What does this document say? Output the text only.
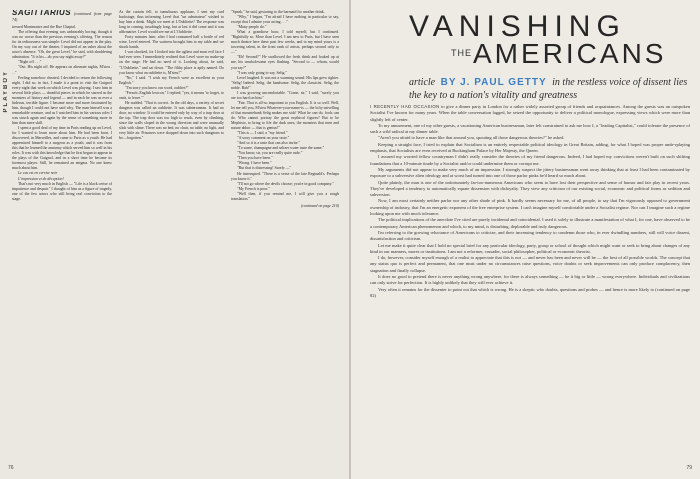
PLAYBOY
SAGITTARIUS (continued from page 74)

tressed Montmartre and the Rue Chaptal.

The offering that evening was unbearably boring, though it was no worse than the previous evening's offering. The reason for its tediousness was simple: Level did not appear in the play. On my way out of the theater, I inquired of an usher about the actor's absence. "Oh, the great Level," he said, with shuddering admiration. "It is his—do you say night away?"

"Night off . . ."

"Oui. His night off. He appears on alternate nights, M'sieu . . ."

Feeling somehow cheated, I decided to return the following night. I did so; in fact, I made it a point to visit the Guignol every night that week on which Level was playing. I saw him in several little plays — dreadful pieces in which he starred as the monsters of history and legend — and in each he was as ever a hideous, terrible figure. I became more and more fascinated by him, though I could not have said why. The man himself was a remarkable creature, and as I watched him in his various roles I was struck again and again by the sense of something more in him than mere skill.

I spent a good deal of my time in Paris reading up on Level, for I wanted to learn more about him. He had been born, I discovered, in Marseilles, and came to Paris as a youth. He had apprenticed himself to a surgeon as a youth, and it was from this that he learned the anatomy which served him so well in his roles. It was with this knowledge that he first began to appear in the plays of the Guignol, and in a short time he became its foremost player. Still, he remained an enigma. No one knew much about him.

Le cas est en cerrise noir

L'impression et de déception!

That's not very much in English — "Life is a black cerise of impatience and despair." I thought of him as a figure of tragedy, one of the few actors who still bring real conviction to the stage.

As the curtain fell, to tumultuous applause, I sent my card backstage, thus informing Level that "un admirateur" wished to buy him a drink. Might we meet at L'Oubliette? The response was long in coming, insultingly long, but at last it did come and it was affirmative. Level would see me at L'Oubliette.

Forty minutes later, after I had consumed half a bottle of red wine, Level entered. The waitress brought him to my table and we shook hands.

I was shocked, for I looked into the ugliest and most evil face I had ever seen. I immediately realized that Level wore no make-up on the stage. He had no need of it. Looking about, he said, "L'Oubliette," and sat down. "The filthy place is aptly named. Do you know what an oubliette is, M'sieu?"

"No," I said. "I wish my French were as excellent as your English."

"I'm sorry you know our word, oublier?"

"French–English lexicon," I replied; "yes, it means 'to forget, to omit, to leave.'"

He nodded. "That is correct. In the old days, a variety of secret dungeon was called an oubliette. It was subterranean. It had no door, no window. It could be entered only by way of a trap door at the top. The trap door was too high to reach, even by climbing, since the walls sloped in the wrong direction and were unusually slick with slime. There was no bed, no chair, no table, no light, and very little air. Prisoners were dropped down into such dungeons to be—forgotten."

"Speak," he said, gesturing to the barmaid for another drink.

"Why," I began, "I'm afraid I have nothing in particular to say, except that I admire your acting . . ."

"Many people do."

What a grandiose boor, I told myself, but I continued. "Rightfully so. More than Level. I am new to Paris, but I have seen much theatre here these past few weeks, and to my mind yours is a towering talent, in the front rank of artists, perhaps second only to —"

"Eh! Second?" He swallowed the fresh drink and looked up at me, his unwholesome eyes flashing. "Second to — whom, would you say?"

"I was only going to say, Selig."

Level laughed. It was not a warming sound. His lips grew tighter. "Selig! Indeed. Selig, the handsome. Selig, the classicist. Selig, the noble. Bah!"

I was growing uncomfortable. "Come, sir," I said, "surely you are too hard on him."

"Fair. That is all-so important to you English. It is so well. Well, let me tell you, M'sieu Whatever-your-name-is — the lofty snivelling of that mountebank Selig makes me sick! What he can do, fools can do. Who cannot portray the great mythical figures? But to be Mephisto, to bring to life the dark ones, the monsters that men and nature abhor — that is genius!"

"This is — I said, a "my friend."

"A sorry comment on your taste."

"And so it is a taste that can also invite."

"To some, champagne and seltzer water taste the same."

"You know, sir, you are really quite rude."

"Then you have been."

"Wrong. I have been."

"But that is distressing! Surely —"

He interrupted. "There is a verse of the late Reginald's. Perhaps you know it."

"I'll not go where the devils choose; you're in good company."

"My French is poor."

"Well then, if you remind me, I will give you a rough translation."

(continued on page 210)
76
VANISHING
THE AMERICANS
article BY J. PAUL GETTY in the restless voice of dissent lies the key to a nation's vitality and greatness
79

I RECENTLY HAD OCCASION to give a dinner party in London for a rather widely assorted group of friends and acquaintances. Among the guests was an outspoken Socialist I've known for many years. When the table conversation lagged, he seized the opportunity to deliver a political monologue, expressing views which were more than slightly left of center.

To my amusement, one of my other guests, a vacationing American businessman, later felt constrained to ask me how I, a "leading Capitalist," could tolerate the presence of such a wild radical at my dinner table.

"Aren't you afraid to have a man like that around you, spouting all those dangerous theories?" he asked.

Keeping a straight face, I tried to explain that Socialism is an entirely respectable political ideology in Great Britain, adding, for what I hoped was proper unde-rplaying emphasis, that Socialists are even received at Buckingham Palace by Her Majesty, the Queen.

I assured my worried fellow countryman I didn't really consider the theories of my friend dangerous. Indeed, I had hoped my convictions weren't built on such shifting foundations that a 10-minute tirade by a Socialist and/or could undermine them or corrupt me.

My arguments did not appear to make very much of an impression. I strongly suspect the jittery businessman went away thinking that at least I had been contaminated by exposure to a subversive alien ideology and at worst had turned into one of those parlor pinks he'd heard so much about.

Quite plainly, the man is one of the unfortunately far-too-numerous Americans who seem to have lost their perspective and sense of humor and fair play in recent years. They've developed a tendency to automatically equate dissension with disloyalty. They view any criticism of our existing social, economic and political forms as sedition and subversion.

Now, I am most certainly neither parlor nor any other shade of pink. It hardly seems necessary for me, of all people, to say that I'm vigorously opposed to government ownership of industry, that I'm an energetic exponent of the free enterprise system. I can't imagine myself comfortable under a Socialist regime. Nor can I imagine such a regime looking upon me with much tolerance.

The political implications of the anecdote I've cited are purely incidental and coincidental. I used it solely to illustrate a manifestation of what I, for one, have observed to be a contemporary American phenomenon and which, to my mind, is disturbing, deplorable and truly dangerous.

I'm referring to the growing reluctance of Americans to criticize, and their increasing tendency to condemn those who, in ever dwindling numbers, still will voice dissent, dissatisfaction and criticism.

Let me make it quite clear that I hold no special brief for any particular ideology, party, group or school of thought which might want or seek to bring about changes of any kind in our manners, mores or institutions. I am not a reformer, crusader, social philosopher, political or economic theorist.

I do, however, consider myself enough of a realist to appreciate that this is not — and never has been and never will be — the best of all possible worlds. The concept that any status quo is perfect and permanent, that one must under no circumstances raise questions, voice doubts or seek improvements can only produce complacency, then stagnation and finally collapse.

It does no good to pretend there is never anything wrong anywhere, for there is always something — be it big or little — wrong everywhere. Individuals and civilizations can only strive for perfection. It is highly unlikely that they will ever achieve it.

Very often it remains for the dissenter to point out that which is wrong. He is a skeptic who doubts, questions and probes — and hence is more likely to (continued on page 82)
